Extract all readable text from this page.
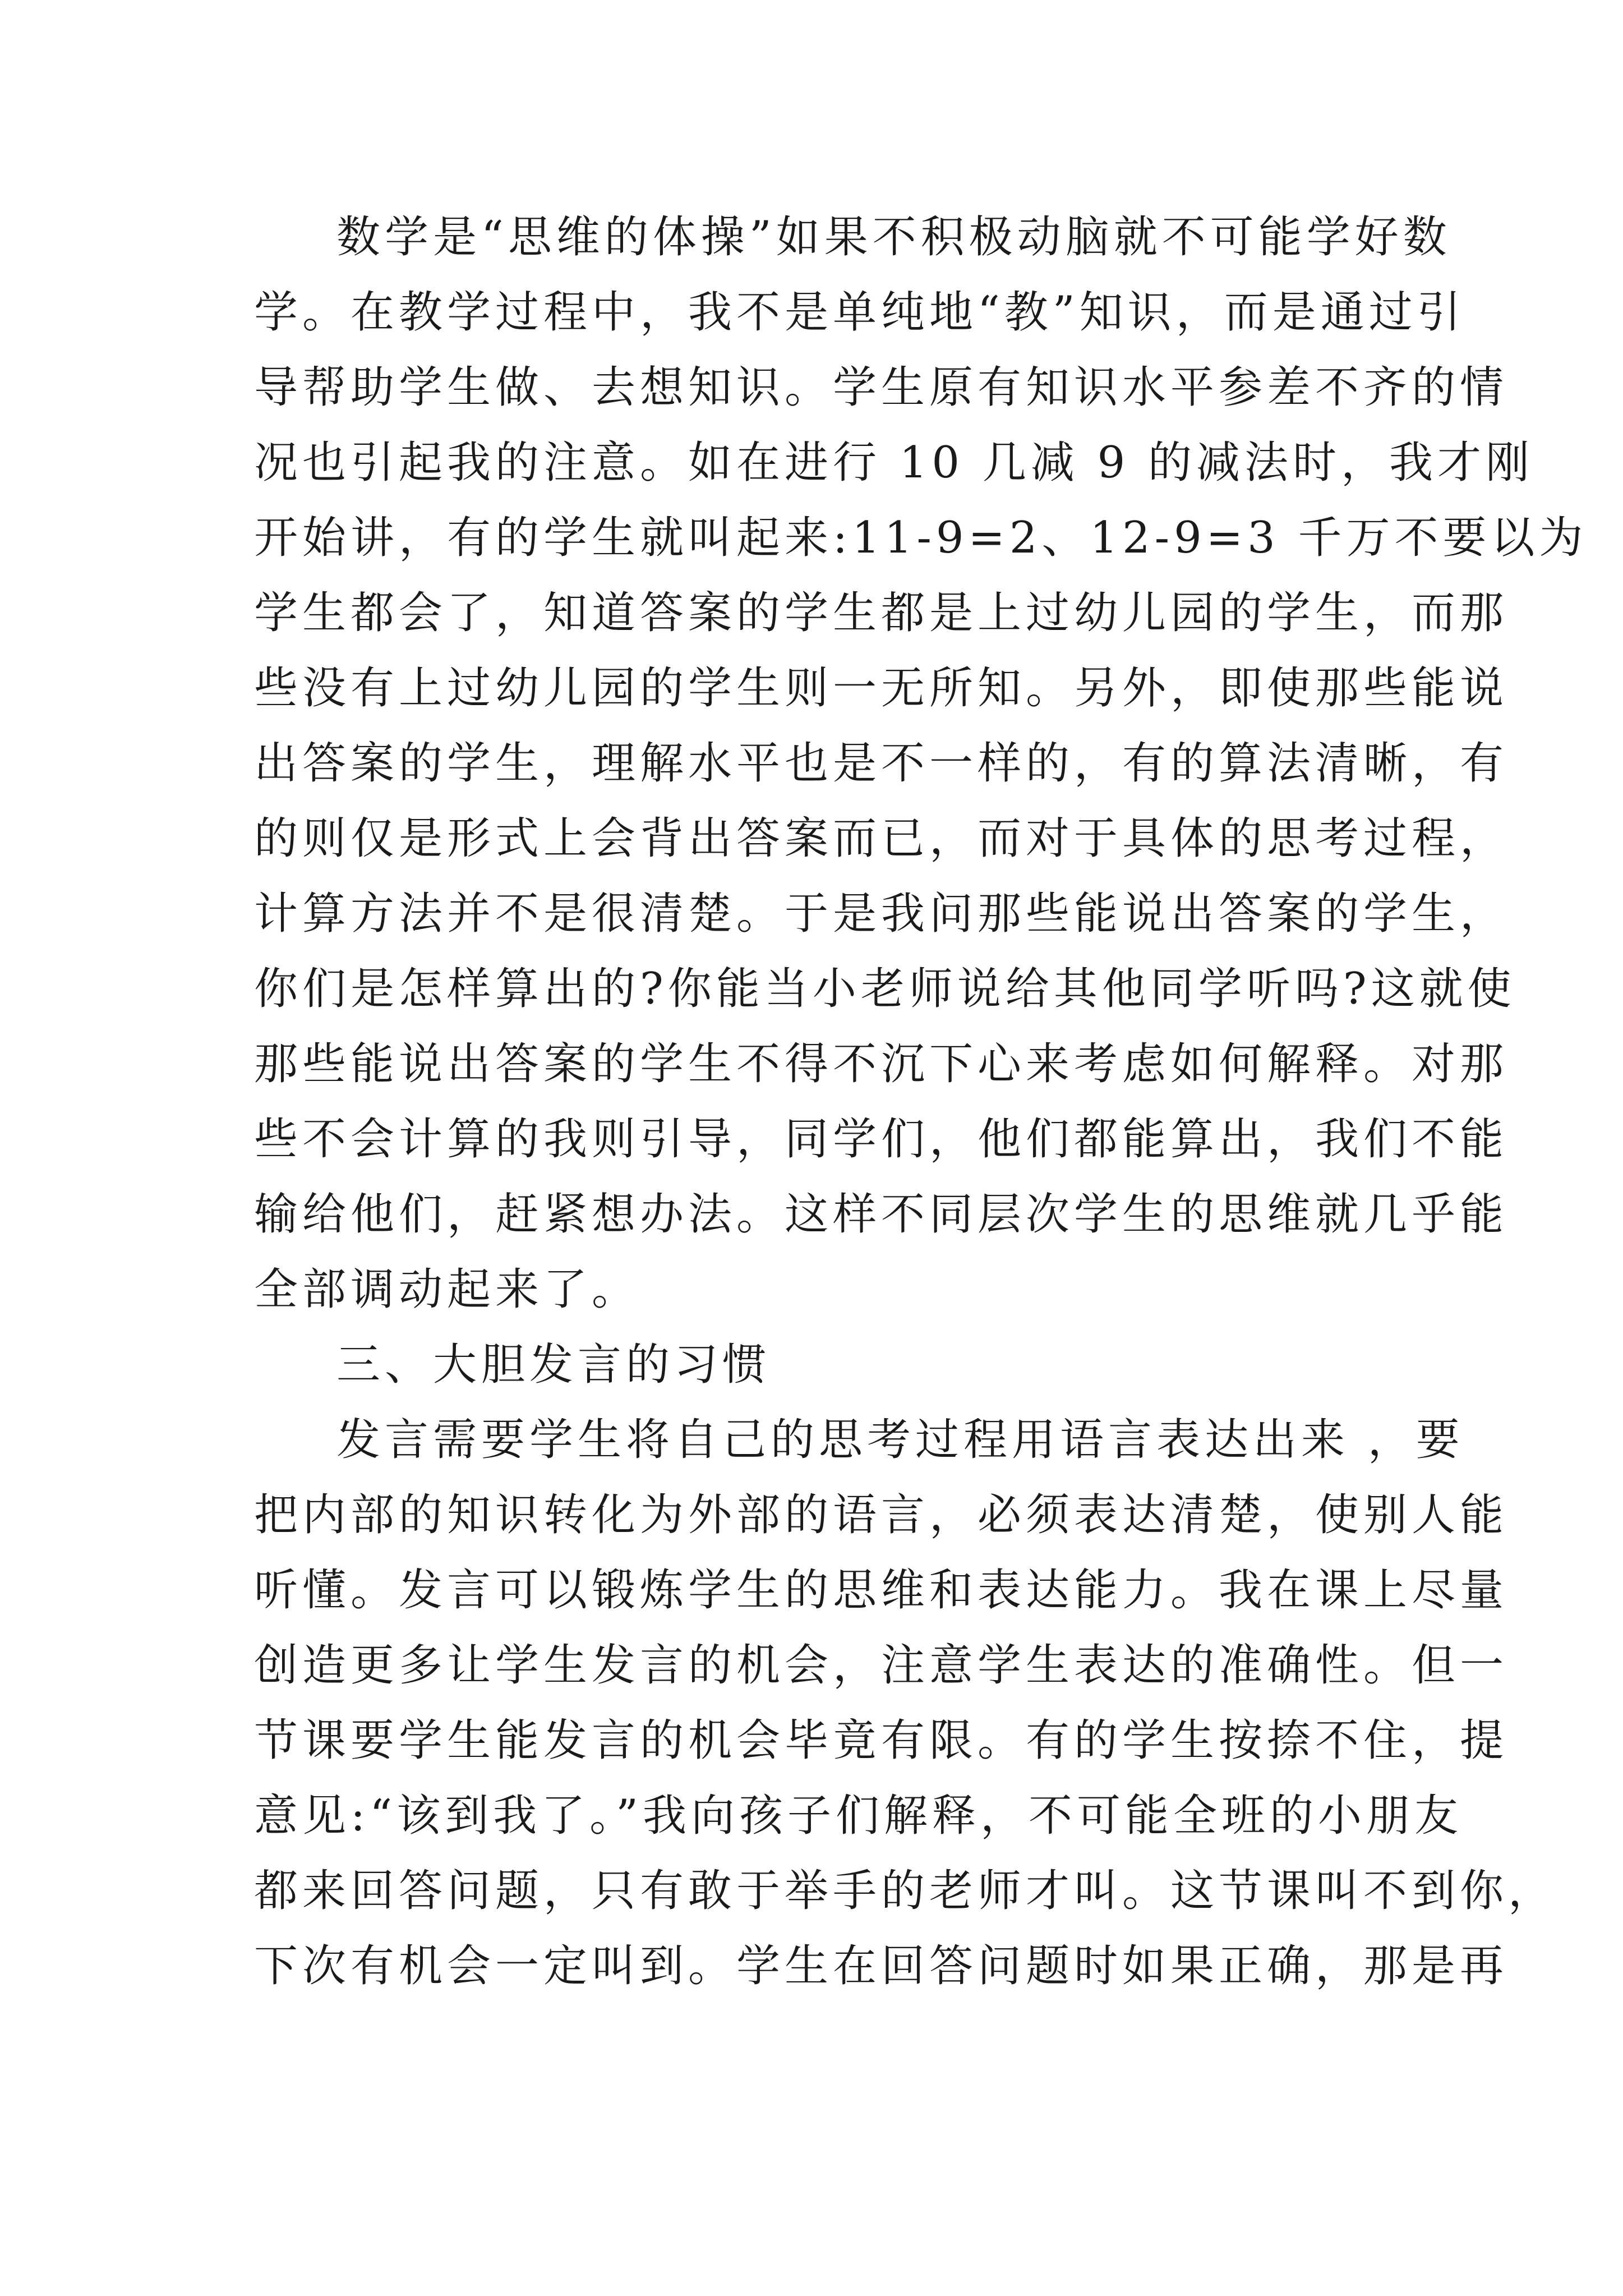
数学是“思维的体操”如果不积极动脑就不可能学好数
学。在教学过程中，我不是单纯地“教”知识，而是通过引
导帮助学生做、去想知识。学生原有知识水平参差不齐的情
况也引起我的注意。如在进行 10 几减 9 的减法时，我才刚
开始讲，有的学生就叫起来:11-9=2、12-9=3 千万不要以为
学生都会了，知道答案的学生都是上过幼儿园的学生，而那
些没有上过幼儿园的学生则一无所知。另外，即使那些能说
出答案的学生，理解水平也是不一样的，有的算法清晰，有
的则仅是形式上会背出答案而已，而对于具体的思考过程，
计算方法并不是很清楚。于是我问那些能说出答案的学生，
你们是怎样算出的?你能当小老师说给其他同学听吗?这就使
那些能说出答案的学生不得不沉下心来考虑如何解释。对那
些不会计算的我则引导，同学们，他们都能算出，我们不能
输给他们，赶紧想办法。这样不同层次学生的思维就几乎能
全部调动起来了。
三、大胆发言的习惯
发言需要学生将自己的思考过程用语言表达出来 ，要
把内部的知识转化为外部的语言，必须表达清楚，使别人能
听懂。发言可以锻炼学生的思维和表达能力。我在课上尽量
创造更多让学生发言的机会，注意学生表达的准确性。但一
节课要学生能发言的机会毕竟有限。有的学生按捺不住，提
意见:“该到我了。”我向孩子们解释，不可能全班的小朋友
都来回答问题，只有敢于举手的老师才叫。这节课叫不到你，
下次有机会一定叫到。学生在回答问题时如果正确，那是再
